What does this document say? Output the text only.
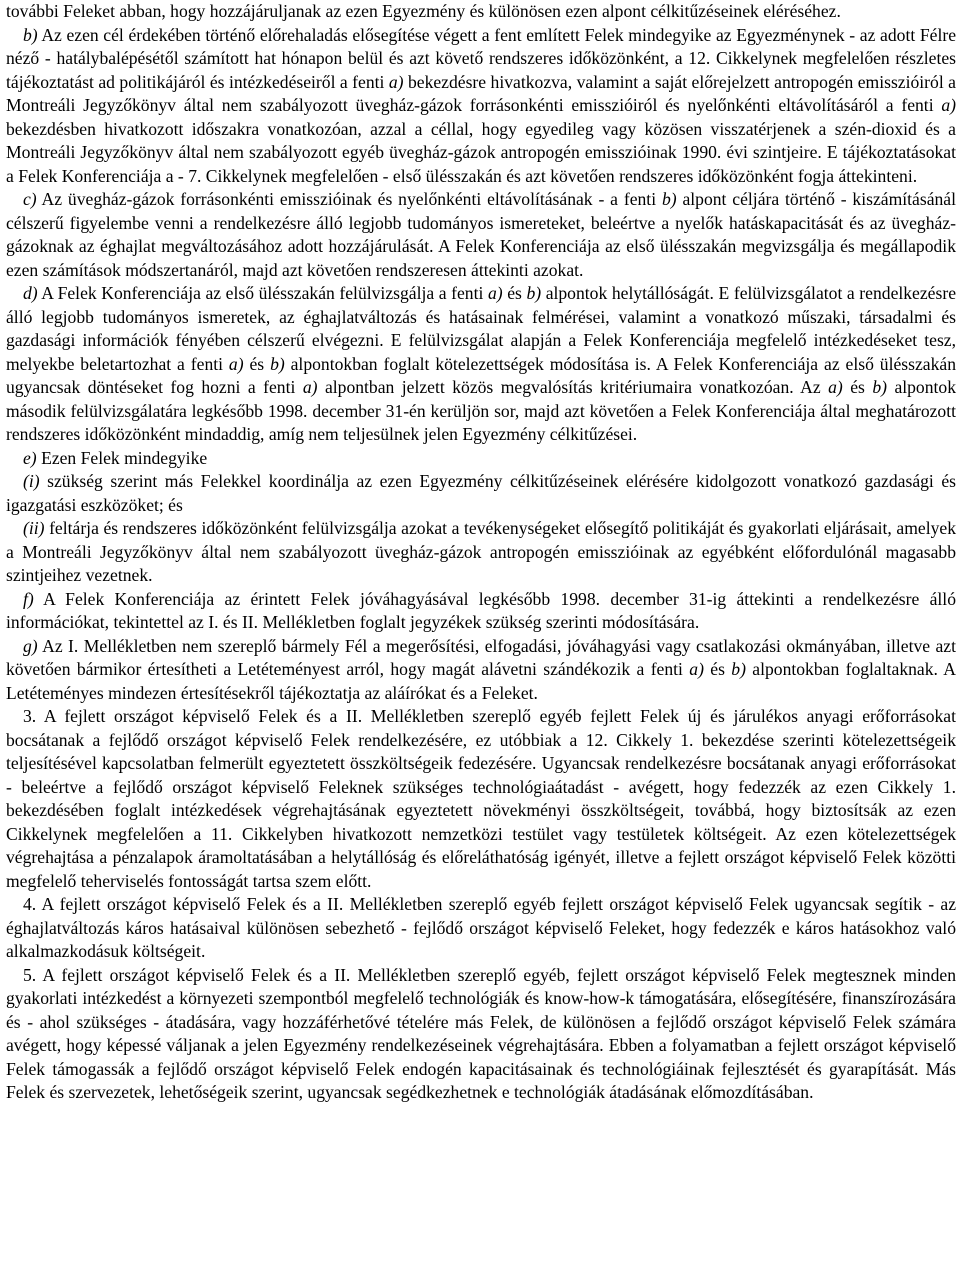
további Feleket abban, hogy hozzájáruljanak az ezen Egyezmény és különösen ezen alpont célkitűzéseinek eléréséhez.

b) Az ezen cél érdekében történő előrehaladás elősegítése végett a fent említett Felek mindegyike az Egyezménynek - az adott Félre néző - hatálybalépésétől számított hat hónapon belül és azt követő rendszeres időközönként, a 12. Cikkelynek megfelelően részletes tájékoztatást ad politikájáról és intézkedéseiről a fenti a) bekezdésre hivatkozva, valamint a saját előrejelzett antropogén emisszióiról a Montreáli Jegyzőkönyv által nem szabályozott üvegház-gázok forrásonkénti emisszióiról és nyelőnkénti eltávolításáról a fenti a) bekezdésben hivatkozott időszakra vonatkozóan, azzal a céllal, hogy egyedileg vagy közösen visszatérjenek a szén-dioxid és a Montreáli Jegyzőkönyv által nem szabályozott egyéb üvegház-gázok antropogén emisszióinak 1990. évi szintjeire. E tájékoztatásokat a Felek Konferenciája a - 7. Cikkelynek megfelelően - első ülésszakán és azt követően rendszeres időközönként fogja áttekinteni.

c) Az üvegház-gázok forrásonkénti emisszióinak és nyelőnkénti eltávolításának - a fenti b) alpont céljára történő - kiszámításánál célszerű figyelembe venni a rendelkezésre álló legjobb tudományos ismereteket, beleértve a nyelők hatáskapacitását és az üvegház-gázoknak az éghajlat megváltozásához adott hozzájárulását. A Felek Konferenciája az első ülésszakán megvizsgálja és megállapodik ezen számítások módszertanáról, majd azt követően rendszeresen áttekinti azokat.

d) A Felek Konferenciája az első ülésszakán felülvizsgálja a fenti a) és b) alpontok helytállóságát. E felülvizsgálatot a rendelkezésre álló legjobb tudományos ismeretek, az éghajlatváltozás és hatásainak felmérései, valamint a vonatkozó műszaki, társadalmi és gazdasági információk fényében célszerű elvégezni. E felülvizsgálat alapján a Felek Konferenciája megfelelő intézkedéseket tesz, melyekbe beletartozhat a fenti a) és b) alpontokban foglalt kötelezettségek módosítása is. A Felek Konferenciája az első ülésszakán ugyancsak döntéseket fog hozni a fenti a) alpontban jelzett közös megvalósítás kritériumaira vonatkozóan. Az a) és b) alpontok második felülvizsgálatára legkésőbb 1998. december 31-én kerüljön sor, majd azt követően a Felek Konferenciája által meghatározott rendszeres időközönként mindaddig, amíg nem teljesülnek jelen Egyezmény célkitűzései.

e) Ezen Felek mindegyike

(i) szükség szerint más Felekkel koordinálja az ezen Egyezmény célkitűzéseinek elérésére kidolgozott vonatkozó gazdasági és igazgatási eszközöket; és

(ii) feltárja és rendszeres időközönként felülvizsgálja azokat a tevékenységeket elősegítő politikáját és gyakorlati eljárásait, amelyek a Montreáli Jegyzőkönyv által nem szabályozott üvegház-gázok antropogén emisszióinak az egyébként előfordulónál magasabb szintjeihez vezetnek.

f) A Felek Konferenciája az érintett Felek jóváhagyásával legkésőbb 1998. december 31-ig áttekinti a rendelkezésre álló információkat, tekintettel az I. és II. Mellékletben foglalt jegyzékek szükség szerinti módosítására.

g) Az I. Mellékletben nem szereplő bármely Fél a megerősítési, elfogadási, jóváhagyási vagy csatlakozási okmányában, illetve azt követően bármikor értesítheti a Letéteményest arról, hogy magát alávetni szándékozik a fenti a) és b) alpontokban foglaltaknak. A Letéteményes mindezen értesítésekről tájékoztatja az aláírókat és a Feleket.

3. A fejlett országot képviselő Felek és a II. Mellékletben szereplő egyéb fejlett Felek új és járulékos anyagi erőforrásokat bocsátanak a fejlődő országot képviselő Felek rendelkezésére, ez utóbbiak a 12. Cikkely 1. bekezdése szerinti kötelezettségeik teljesítésével kapcsolatban felmerült egyeztetett összköltségeik fedezésére. Ugyancsak rendelkezésre bocsátanak anyagi erőforrásokat - beleértve a fejlődő országot képviselő Feleknek szükséges technológiaátadást - avégett, hogy fedezzék az ezen Cikkely 1. bekezdésében foglalt intézkedések végrehajtásának egyeztetett növekményi összköltségeit, továbbá, hogy biztosítsák az ezen Cikkelynek megfelelően a 11. Cikkelyben hivatkozott nemzetközi testület vagy testületek költségeit. Az ezen kötelezettségek végrehajtása a pénzalapok áramoltatásában a helytállóság és előreláthatóság igényét, illetve a fejlett országot képviselő Felek közötti megfelelő teherviselés fontosságát tartsa szem előtt.

4. A fejlett országot képviselő Felek és a II. Mellékletben szereplő egyéb fejlett országot képviselő Felek ugyancsak segítik - az éghajlatváltozás káros hatásaival különösen sebezhető - fejlődő országot képviselő Feleket, hogy fedezzék e káros hatásokhoz való alkalmazkodásuk költségeit.

5. A fejlett országot képviselő Felek és a II. Mellékletben szereplő egyéb, fejlett országot képviselő Felek megtesznek minden gyakorlati intézkedést a környezeti szempontból megfelelő technológiák és know-how-k támogatására, elősegítésére, finanszírozására és - ahol szükséges - átadására, vagy hozzáférhetővé tételére más Felek, de különösen a fejlődő országot képviselő Felek számára avégett, hogy képessé váljanak a jelen Egyezmény rendelkezéseinek végrehajtására. Ebben a folyamatban a fejlett országot képviselő Felek támogassák a fejlődő országot képviselő Felek endogén kapacitásainak és technológiáinak fejlesztését és gyarapítását. Más Felek és szervezetek, lehetőségeik szerint, ugyancsak segédkezhetnek e technológiák átadásának előmozdításában.
